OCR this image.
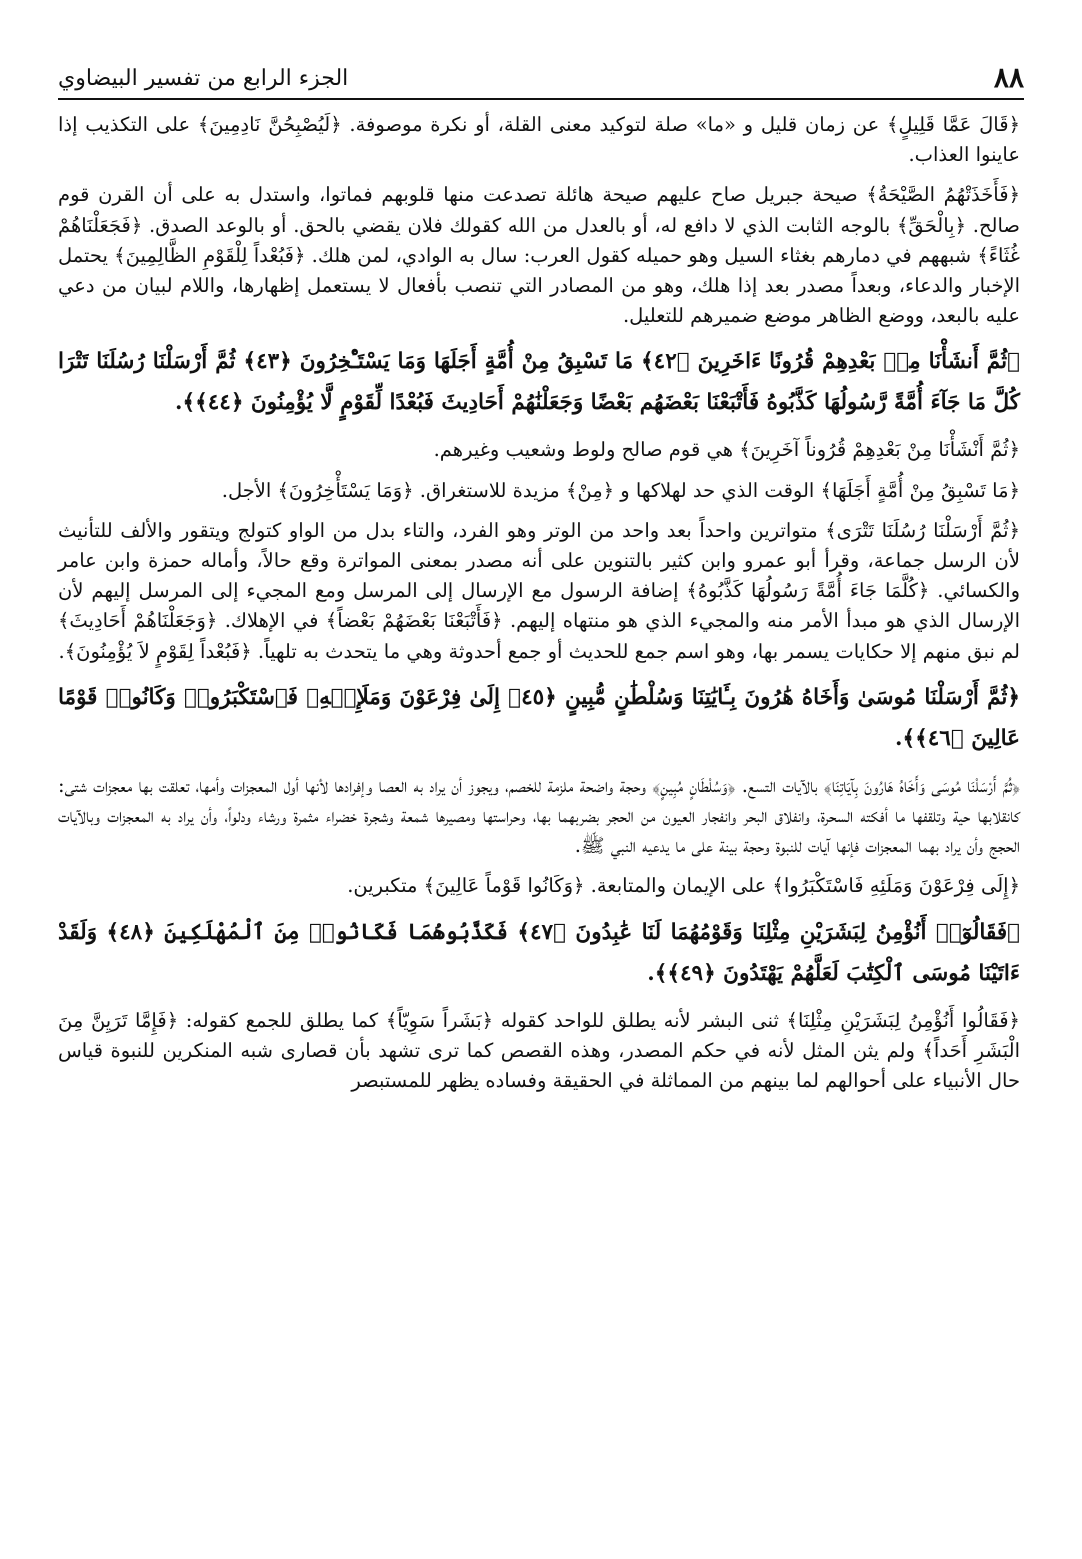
٨٨
الجزء الرابع من تفسير البيضاوي

﴿قَالَ عَمَّا قَلِيلٍ﴾ عن زمان قليل و «ما» صلة لتوكيد معنى القلة، أو نكرة موصوفة. ﴿لَيُصْبِحُنَّ نَادِمِينَ﴾ على التكذيب إذا عاينوا العذاب.

﴿فَأَخَذَتْهُمُ الصَّيْحَةُ﴾ صيحة جبريل صاح عليهم صيحة هائلة تصدعت منها قلوبهم فماتوا، واستدل به على أن القرن قوم صالح. ﴿بِالْحَقِّ﴾ بالوجه الثابت الذي لا دافع له، أو بالعدل من الله كقولك فلان يقضي بالحق. أو بالوعد الصدق. ﴿فَجَعَلْنَاهُمْ غُثَاءً﴾ شبههم في دمارهم بغثاء السيل وهو حميله كقول العرب: سال به الوادي، لمن هلك. ﴿فَبُعْداً لِلْقَوْمِ الظَّالِمِينَ﴾ يحتمل الإخبار والدعاء، وبعداً مصدر بعد إذا هلك، وهو من المصادر التي تنصب بأفعال لا يستعمل إظهارها، واللام لبيان من دعي عليه بالبعد، ووضع الظاهر موضع ضميرهم للتعليل.

﴿ثُمَّ أَنشَأْنَا مِنۢ بَعْدِهِمْ قُرُونًا ءَاخَرِينَ ﴿٤٢﴾ مَا تَسْبِقُ مِنْ أُمَّةٍ أَجَلَهَا وَمَا يَسْتَـْٔخِرُونَ ﴿٤٣﴾ ثُمَّ أَرْسَلْنَا رُسُلَنَا تَتْرَا كُلَّ مَا جَآءَ أُمَّةً رَّسُولُهَا كَذَّبُوهُ فَأَتْبَعْنَا بَعْضَهُم بَعْضًا وَجَعَلْنَٰهُمْ أَحَادِيثَ فَبُعْدًا لِّقَوْمٍ لَّا يُؤْمِنُونَ ﴿٤٤﴾﴾.

﴿ثُمَّ أَنْشَأْنَا مِنْ بَعْدِهِمْ قُرُوناً آخَرِينَ﴾ هي قوم صالح ولوط وشعيب وغيرهم.

﴿مَا تَسْبِقُ مِنْ أُمَّةٍ أَجَلَهَا﴾ الوقت الذي حد لهلاكها و ﴿مِنْ﴾ مزيدة للاستغراق. ﴿وَمَا يَسْتَأْخِرُونَ﴾ الأجل.

﴿ثُمَّ أَرْسَلْنَا رُسُلَنَا تَتْرَى﴾ متواترين واحداً بعد واحد من الوتر وهو الفرد، والتاء بدل من الواو كتولج ويتقور والألف للتأنيث لأن الرسل جماعة، وقرأ أبو عمرو وابن كثير بالتنوين على أنه مصدر بمعنى المواترة وقع حالاً، وأماله حمزة وابن عامر والكسائي. ﴿كُلَّمَا جَاءَ أُمَّةً رَسُولُهَا كَذَّبُوهُ﴾ إضافة الرسول مع الإرسال إلى المرسل ومع المجيء إلى المرسل إليهم لأن الإرسال الذي هو مبدأ الأمر منه والمجيء الذي هو منتهاه إليهم. ﴿فَأَتْبَعْنَا بَعْضَهُمْ بَعْضاً﴾ في الإهلاك. ﴿وَجَعَلْنَاهُمْ أَحَادِيثَ﴾ لم نبق منهم إلا حكايات يسمر بها، وهو اسم جمع للحديث أو جمع أحدوثة وهي ما يتحدث به تلهياً. ﴿فَبُعْداً لِقَوْمٍ لاَ يُؤْمِنُونَ﴾.

﴿ثُمَّ أَرْسَلْنَا مُوسَىٰ وَأَخَاهُ هَٰرُونَ بِـَٔايَٰتِنَا وَسُلْطَٰنٍ مُّبِينٍ ﴿٤٥﴾ إِلَىٰ فِرْعَوْنَ وَمَلَإِي۟هِۦ فَٱسْتَكْبَرُوا۟ وَكَانُوا۟ قَوْمًا عَالِينَ ﴿٤٦﴾﴾.

﴿ثُمَّ أَرْسَلْنَا مُوسَى وَأَخَاهُ هَارُونَ بِآيَاتِنَا﴾ بالآيات التسع. ﴿وَسُلْطَانٍ مُبِينٍ﴾ وحجة واضحة ملزمة للخصم، ويجوز أن يراد به العصا وإفرادها لأنها أول المعجزات وأمها، تعلقت بها معجزات شتى: كانقلابها حية وتلقفها ما أفكته السحرة، وانفلاق البحر وانفجار العيون من الحجر بضربهما بها، وحراستها ومصيرها شمعة وشجرة خضراء مثمرة ورشاء ودلواً، وأن يراد به المعجزات وبالآيات الحجج وأن يراد بهما المعجزات فإنها آيات للنبوة وحجة بينة على ما يدعيه النبي ﷺ.

﴿إِلَى فِرْعَوْنَ وَمَلَئِهِ فَاسْتَكْبَرُوا﴾ على الإيمان والمتابعة. ﴿وَكَانُوا قَوْماً عَالِينَ﴾ متكبرين.

﴿فَقَالُوٓا۟ أَنُؤْمِنُ لِبَشَرَيْنِ مِثْلِنَا وَقَوْمُهُمَا لَنَا عَٰبِدُونَ ﴿٤٧﴾ فَكَذَّبُوهُمَا فَكَانُوا۟ مِنَ ٱلْمُهْلَكِينَ ﴿٤٨﴾ وَلَقَدْ ءَاتَيْنَا مُوسَى ٱلْكِتَٰبَ لَعَلَّهُمْ يَهْتَدُونَ ﴿٤٩﴾﴾.

﴿فَقَالُوا أَنُؤْمِنُ لِبَشَرَيْنِ مِثْلِنَا﴾ ثنى البشر لأنه يطلق للواحد كقوله ﴿بَشَراً سَوِيّاً﴾ كما يطلق للجمع كقوله: ﴿فَإِمَّا تَرَيِنَّ مِنَ الْبَشَرِ أَحَداً﴾ ولم يثن المثل لأنه في حكم المصدر، وهذه القصص كما ترى تشهد بأن قصارى شبه المنكرين للنبوة قياس حال الأنبياء على أحوالهم لما بينهم من المماثلة في الحقيقة وفساده يظهر للمستبصر
